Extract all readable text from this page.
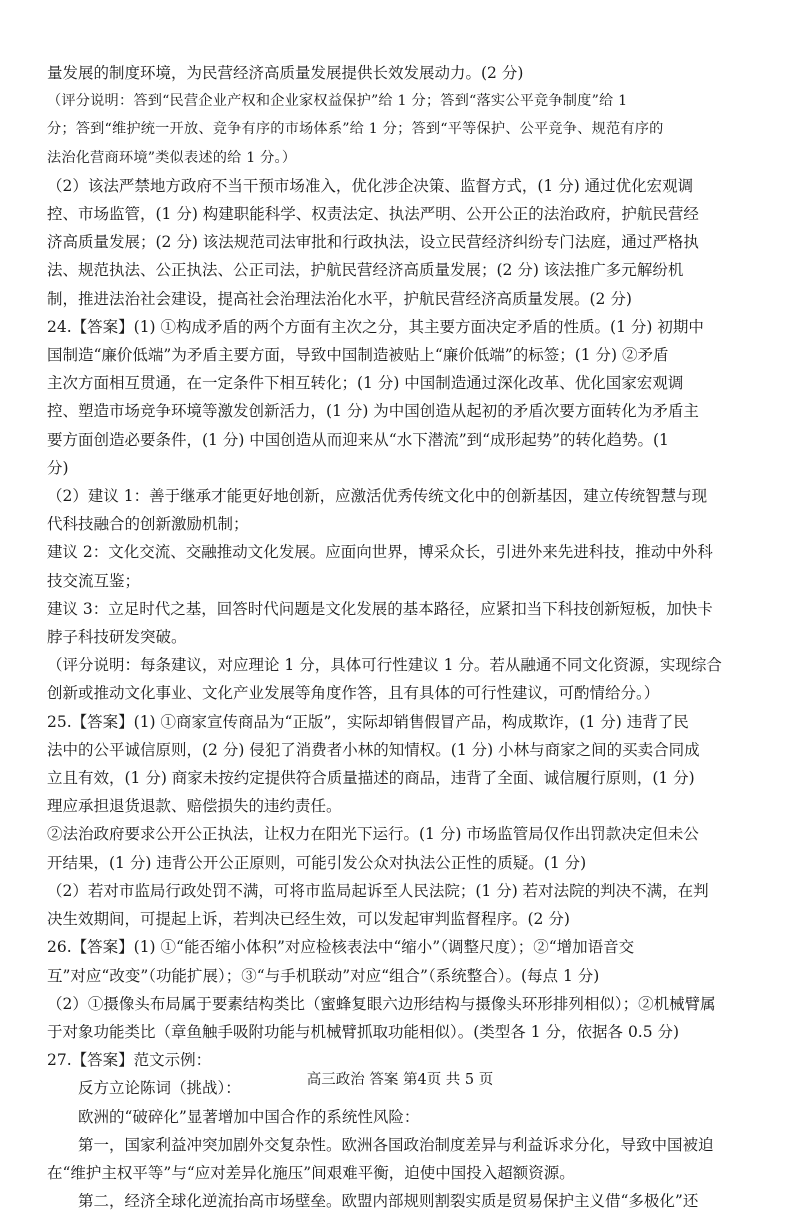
量发展的制度环境，为民营经济高质量发展提供长效发展动力。(2 分)
（评分说明：答到“民营企业产权和企业家权益保护”给 1 分；答到“落实公平竞争制度”给 1
分；答到“维护统一开放、竞争有序的市场体系”给 1 分；答到“平等保护、公平竞争、规范有序的
法治化营商环境”类似表述的给 1 分。）
（2）该法严禁地方政府不当干预市场准入，优化涉企决策、监督方式，(1 分) 通过优化宏观调
控、市场监管，(1 分) 构建职能科学、权责法定、执法严明、公开公正的法治政府，护航民营经
济高质量发展；(2 分) 该法规范司法审批和行政执法，设立民营经济纠纷专门法庭，通过严格执
法、规范执法、公正执法、公正司法，护航民营经济高质量发展；(2 分) 该法推广多元解纷机
制，推进法治社会建设，提高社会治理法治化水平，护航民营经济高质量发展。(2 分)
24.【答案】(1) ①构成矛盾的两个方面有主次之分，其主要方面决定矛盾的性质。(1 分) 初期中
国制造“廉价低端”为矛盾主要方面，导致中国制造被贴上“廉价低端”的标签；(1 分) ②矛盾
主次方面相互贯通，在一定条件下相互转化；(1 分) 中国制造通过深化改革、优化国家宏观调
控、塑造市场竞争环境等激发创新活力，(1 分) 为中国创造从起初的矛盾次要方面转化为矛盾主
要方面创造必要条件，(1 分) 中国创造从而迎来从“水下潜流”到“成形起势”的转化趋势。(1
分)
（2）建议 1：善于继承才能更好地创新，应激活优秀传统文化中的创新基因，建立传统智慧与现
代科技融合的创新激励机制；
建议 2：文化交流、交融推动文化发展。应面向世界，博采众长，引进外来先进科技，推动中外科
技交流互鉴；
建议 3：立足时代之基，回答时代问题是文化发展的基本路径，应紧扣当下科技创新短板，加快卡
脖子科技研发突破。
（评分说明：每条建议，对应理论 1 分，具体可行性建议 1 分。若从融通不同文化资源，实现综合
创新或推动文化事业、文化产业发展等角度作答，且有具体的可行性建议，可酌情给分。）
25.【答案】(1) ①商家宣传商品为“正版”，实际却销售假冒产品，构成欺诈，(1 分) 违背了民
法中的公平诚信原则，(2 分) 侵犯了消费者小林的知情权。(1 分) 小林与商家之间的买卖合同成
立且有效，(1 分) 商家未按约定提供符合质量描述的商品，违背了全面、诚信履行原则，(1 分)
理应承担退货退款、赔偿损失的违约责任。
②法治政府要求公开公正执法，让权力在阳光下运行。(1 分) 市场监管局仅作出罚款决定但未公
开结果，(1 分) 违背公开公正原则，可能引发公众对执法公正性的质疑。(1 分)
（2）若对市监局行政处罚不满，可将市监局起诉至人民法院；(1 分) 若对法院的判决不满，在判
决生效期间，可提起上诉，若判决已经生效，可以发起审判监督程序。(2 分)
26.【答案】(1) ①“能否缩小体积”对应检核表法中“缩小”（调整尺度）；②“增加语音交
互”对应“改变”（功能扩展）；③“与手机联动”对应“组合”（系统整合）。(每点 1 分)
（2）①摄像头布局属于要素结构类比（蜜蜂复眼六边形结构与摄像头环形排列相似）；②机械臂属
于对象功能类比（章鱼触手吸附功能与机械臂抓取功能相似）。(类型各 1 分，依据各 0.5 分)
27.【答案】范文示例：
反方立论陈词（挑战）：
欧洲的“破碎化”显著增加中国合作的系统性风险：
第一，国家利益冲突加剧外交复杂性。欧洲各国政治制度差异与利益诉求分化，导致中国被迫
在“维护主权平等”与“应对差异化施压”间艰难平衡，迫使中国投入超额资源。
第二，经济全球化逆流抬高市场壁垒。欧盟内部规则割裂实质是贸易保护主义借“多极化”还
高三政治 答案 第4页 共 5 页
